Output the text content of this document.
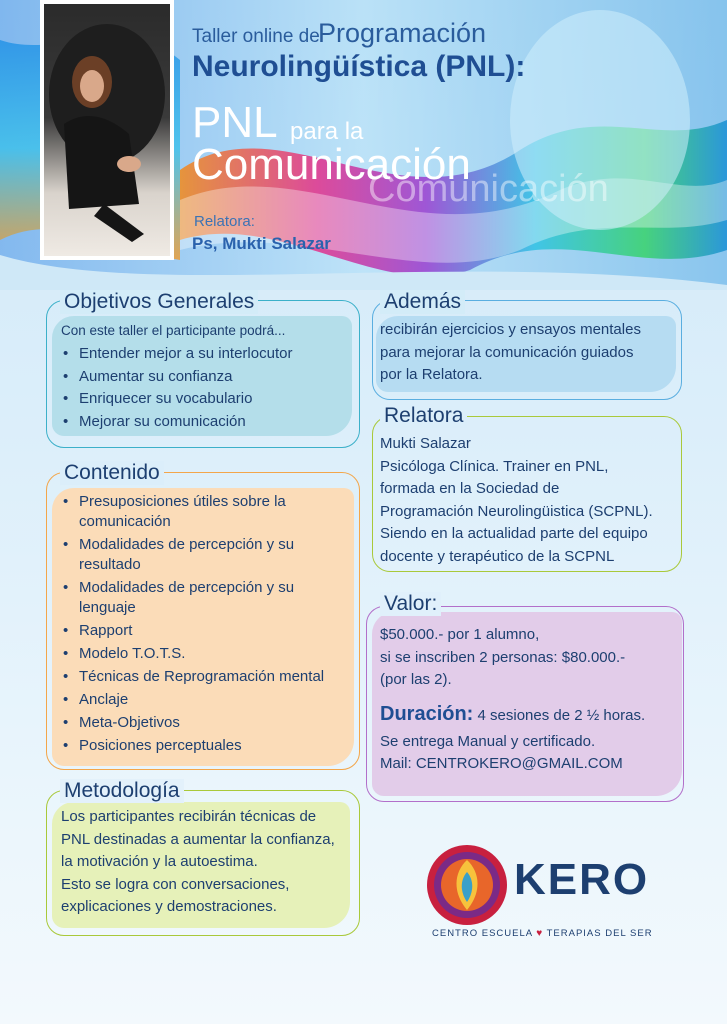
Taller online de
Programación
Neurolingüística (PNL):
Comunicación
PNL para la
Comunicación
Relatora:
Ps, Mukti Salazar
Objetivos Generales
Con este taller el participante podrá...
• Entender mejor a su interlocutor
• Aumentar su confianza
• Enriquecer su vocabulario
• Mejorar su comunicación
Contenido
• Presuposiciones útiles sobre la comunicación
• Modalidades de percepción y su resultado
• Modalidades de percepción y su lenguaje
• Rapport
• Modelo T.O.T.S.
• Técnicas de Reprogramación mental
• Anclaje
• Meta-Objetivos
• Posiciones perceptuales
Metodología
Los participantes recibirán técnicas de
PNL destinadas a aumentar la confianza,
la motivación y la autoestima.
Esto se logra con conversaciones,
explicaciones y demostraciones.
Además
recibirán ejercicios y ensayos mentales
para mejorar la comunicación guiados
por la Relatora.
Relatora
Mukti Salazar
Psicóloga Clínica. Trainer en PNL,
formada en la Sociedad de
Programación Neurolingüistica (SCPNL).
Siendo en la actualidad parte del equipo
docente y terapéutico de la SCPNL
Valor:
$50.000.- por 1 alumno,
si se inscriben 2 personas: $80.000.-
(por las 2).
Duración: 4 sesiones de 2 ½ horas.
Se entrega Manual y certificado.
Mail: CENTROKERO@GMAIL.COM
KERO
CENTRO ESCUELA ♥ TERAPIAS DEL SER
